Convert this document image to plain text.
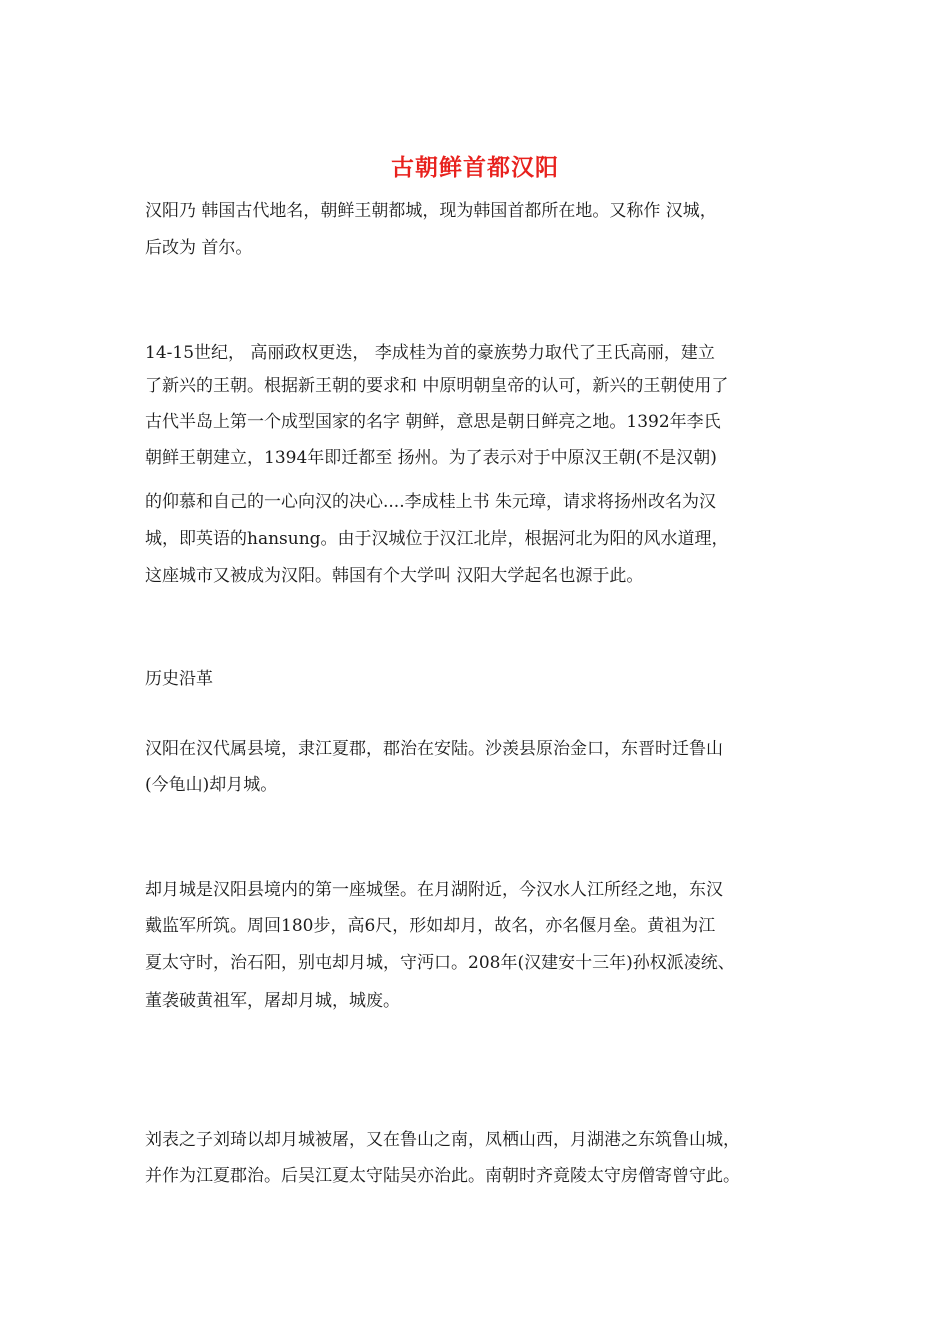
古朝鲜首都汉阳
汉阳乃 韩国古代地名，朝鲜王朝都城，现为韩国首都所在地。又称作 汉城，
后改为 首尔。
14-15世纪， 高丽政权更迭， 李成桂为首的豪族势力取代了王氏高丽，建立
了新兴的王朝。根据新王朝的要求和 中原明朝皇帝的认可，新兴的王朝使用了
古代半岛上第一个成型国家的名字 朝鲜，意思是朝日鲜亮之地。1392年李氏
朝鲜王朝建立，1394年即迁都至 扬州。为了表示对于中原汉王朝(不是汉朝)
的仰慕和自己的一心向汉的决心....李成桂上书 朱元璋，请求将扬州改名为汉
城，即英语的hansung。由于汉城位于汉江北岸，根据河北为阳的风水道理，
这座城市又被成为汉阳。韩国有个大学叫 汉阳大学起名也源于此。
历史沿革
汉阳在汉代属县境，隶江夏郡，郡治在安陆。沙羡县原治金口，东晋时迁鲁山
(今龟山)却月城。
却月城是汉阳县境内的第一座城堡。在月湖附近，今汉水人江所经之地，东汉
戴监军所筑。周回180步，高6尺，形如却月，故名，亦名偃月垒。黄祖为江
夏太守时，治石阳，别屯却月城，守沔口。208年(汉建安十三年)孙权派凌统、
董袭破黄祖军，屠却月城，城废。
刘表之子刘琦以却月城被屠，又在鲁山之南，凤栖山西，月湖港之东筑鲁山城，
并作为江夏郡治。后吴江夏太守陆吴亦治此。南朝时齐竟陵太守房僧寄曾守此。
